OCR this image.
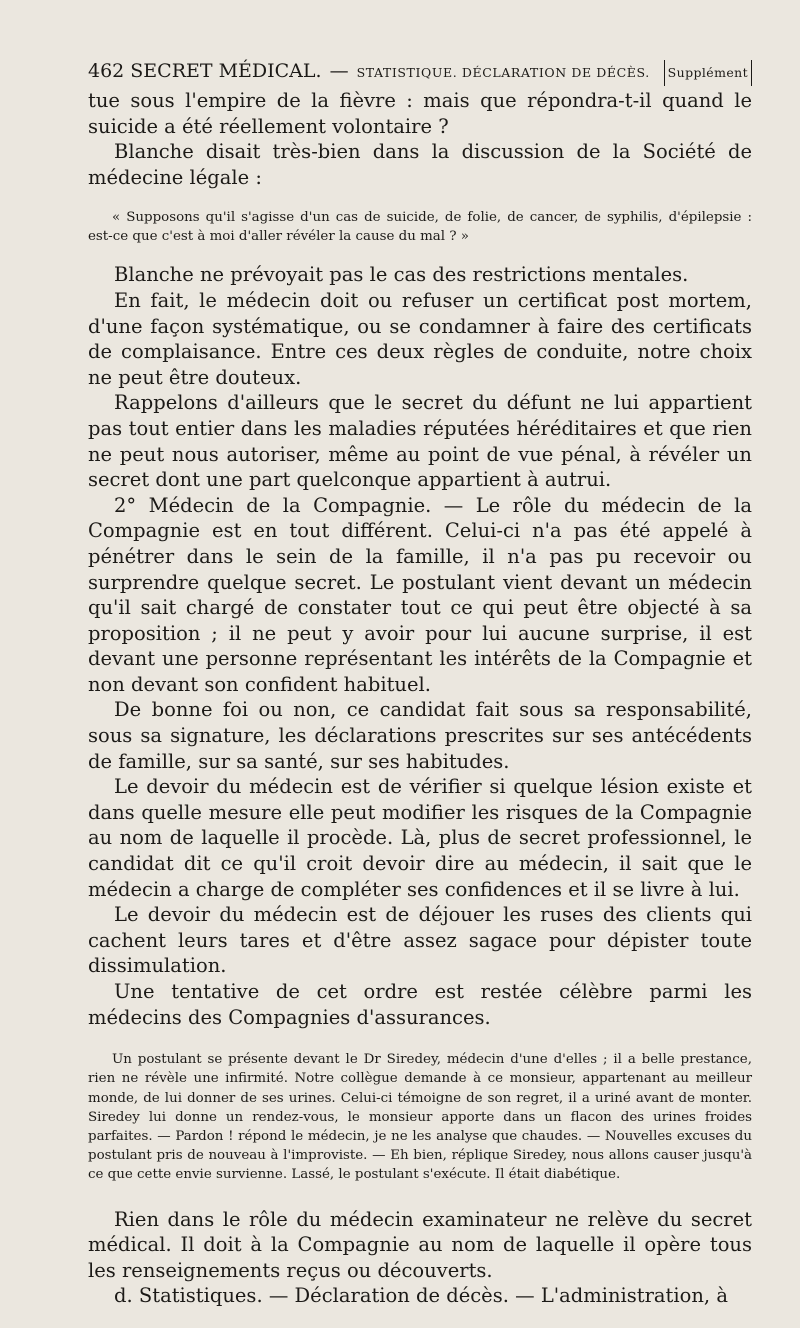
462 SECRET MÉDICAL. — STATISTIQUE. DÉCLARATION DE DÉCÈS.	Supplément

tue sous l'empire de la fièvre : mais que répondra-t-il quand le suicide a été réellement volontaire ?

Blanche disait très-bien dans la discussion de la Société de médecine légale :

« Supposons qu'il s'agisse d'un cas de suicide, de folie, de cancer, de syphilis, d'épilepsie : est-ce que c'est à moi d'aller révéler la cause du mal ? »

Blanche ne prévoyait pas le cas des restrictions mentales.

En fait, le médecin doit ou refuser un certificat post mortem, d'une façon systématique, ou se condamner à faire des certificats de complaisance. Entre ces deux règles de conduite, notre choix ne peut être douteux.

Rappelons d'ailleurs que le secret du défunt ne lui appartient pas tout entier dans les maladies réputées héréditaires et que rien ne peut nous autoriser, même au point de vue pénal, à révéler un secret dont une part quelconque appartient à autrui.

2° Médecin de la Compagnie. — Le rôle du médecin de la Compagnie est en tout différent. Celui-ci n'a pas été appelé à pénétrer dans le sein de la famille, il n'a pas pu recevoir ou surprendre quelque secret. Le postulant vient devant un médecin qu'il sait chargé de constater tout ce qui peut être objecté à sa proposition ; il ne peut y avoir pour lui aucune surprise, il est devant une personne représentant les intérêts de la Compagnie et non devant son confident habituel.

De bonne foi ou non, ce candidat fait sous sa responsabilité, sous sa signature, les déclarations prescrites sur ses antécédents de famille, sur sa santé, sur ses habitudes.

Le devoir du médecin est de vérifier si quelque lésion existe et dans quelle mesure elle peut modifier les risques de la Compagnie au nom de laquelle il procède. Là, plus de secret professionnel, le candidat dit ce qu'il croit devoir dire au médecin, il sait que le médecin a charge de compléter ses confidences et il se livre à lui.

Le devoir du médecin est de déjouer les ruses des clients qui cachent leurs tares et d'être assez sagace pour dépister toute dissimulation.

Une tentative de cet ordre est restée célèbre parmi les médecins des Compagnies d'assurances.

Un postulant se présente devant le Dr Siredey, médecin d'une d'elles ; il a belle prestance, rien ne révèle une infirmité. Notre collègue demande à ce monsieur, appartenant au meilleur monde, de lui donner de ses urines. Celui-ci témoigne de son regret, il a uriné avant de monter. Siredey lui donne un rendez-vous, le monsieur apporte dans un flacon des urines froides parfaites. — Pardon ! répond le médecin, je ne les analyse que chaudes. — Nouvelles excuses du postulant pris de nouveau à l'improviste. — Eh bien, réplique Siredey, nous allons causer jusqu'à ce que cette envie survienne. Lassé, le postulant s'exécute. Il était diabétique.

Rien dans le rôle du médecin examinateur ne relève du secret médical. Il doit à la Compagnie au nom de laquelle il opère tous les renseignements reçus ou découverts.

d. Statistiques. — Déclaration de décès. — L'administration, à
